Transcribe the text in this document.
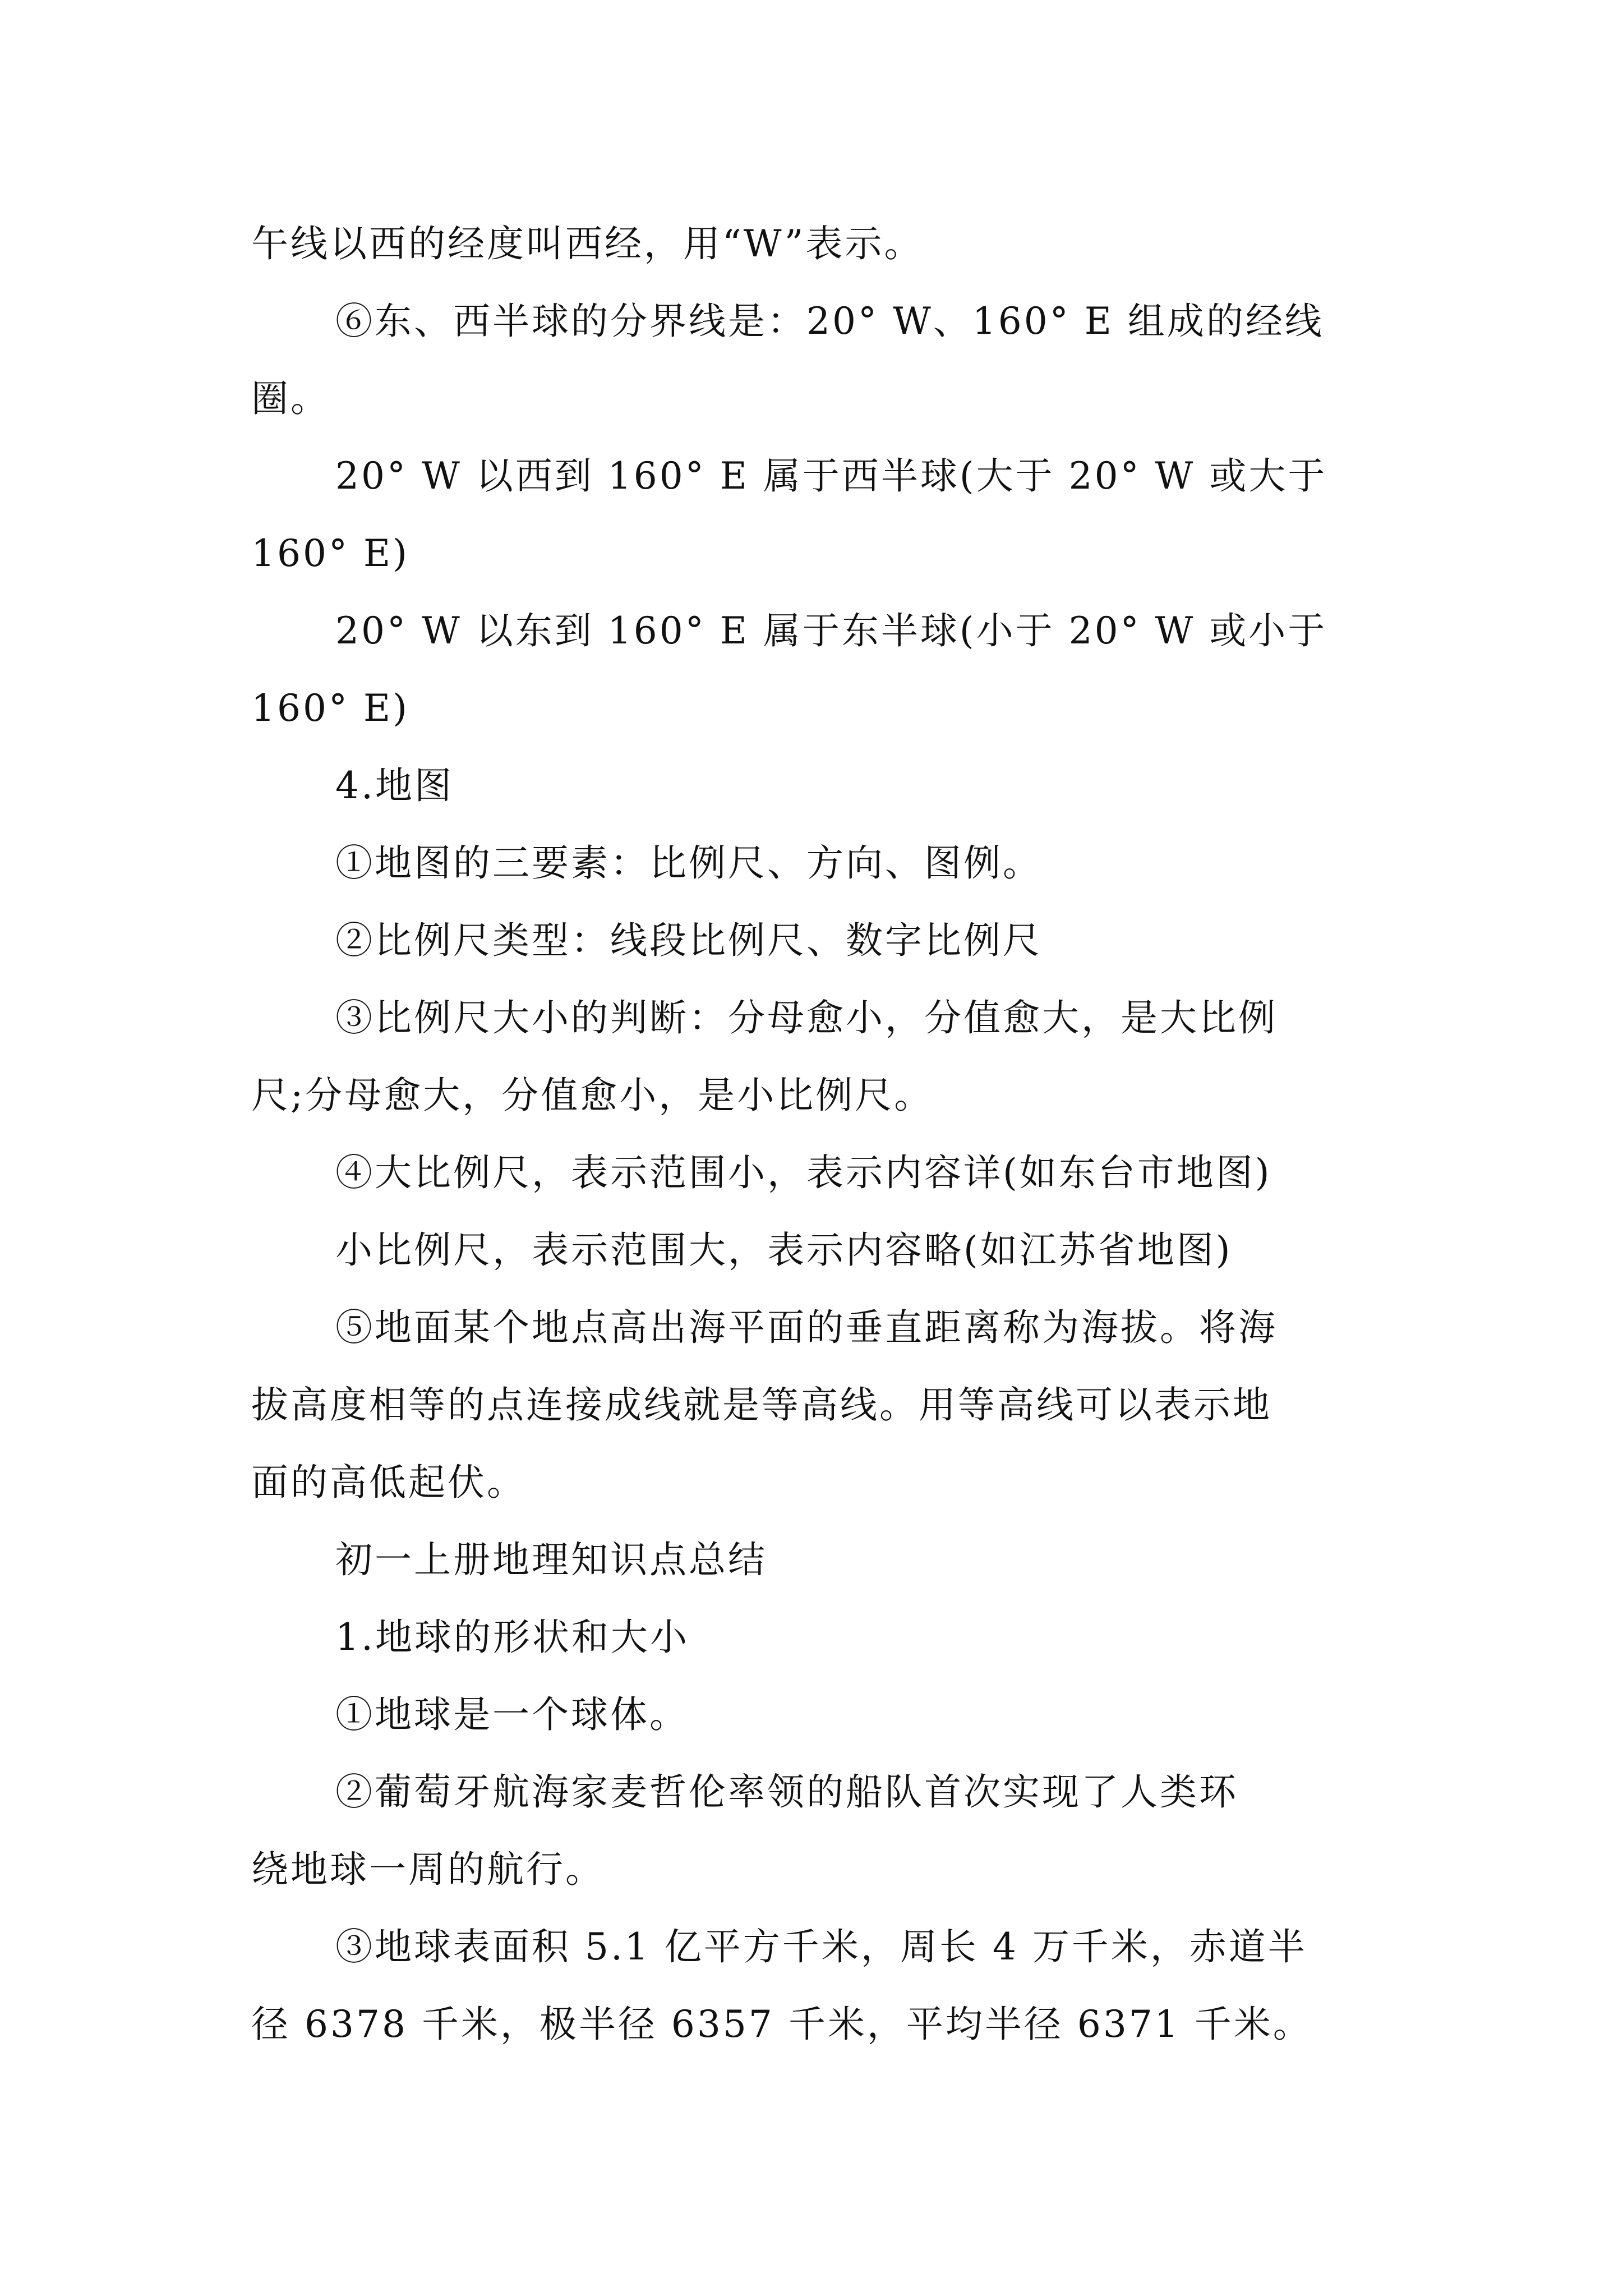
午线以西的经度叫西经，用“W”表示。
⑥东、西半球的分界线是：20° W、160° E 组成的经线
圈。
20° W 以西到 160° E 属于西半球(大于 20° W 或大于
160° E)
20° W 以东到 160° E 属于东半球(小于 20° W 或小于
160° E)
4.地图
①地图的三要素：比例尺、方向、图例。
②比例尺类型：线段比例尺、数字比例尺
③比例尺大小的判断：分母愈小，分值愈大，是大比例
尺;分母愈大，分值愈小，是小比例尺。
④大比例尺，表示范围小，表示内容详(如东台市地图)
小比例尺，表示范围大，表示内容略(如江苏省地图)
⑤地面某个地点高出海平面的垂直距离称为海拔。将海
拔高度相等的点连接成线就是等高线。用等高线可以表示地
面的高低起伏。
初一上册地理知识点总结
1.地球的形状和大小
①地球是一个球体。
②葡萄牙航海家麦哲伦率领的船队首次实现了人类环
绕地球一周的航行。
③地球表面积 5.1 亿平方千米，周长 4 万千米，赤道半
径 6378 千米，极半径 6357 千米，平均半径 6371 千米。
